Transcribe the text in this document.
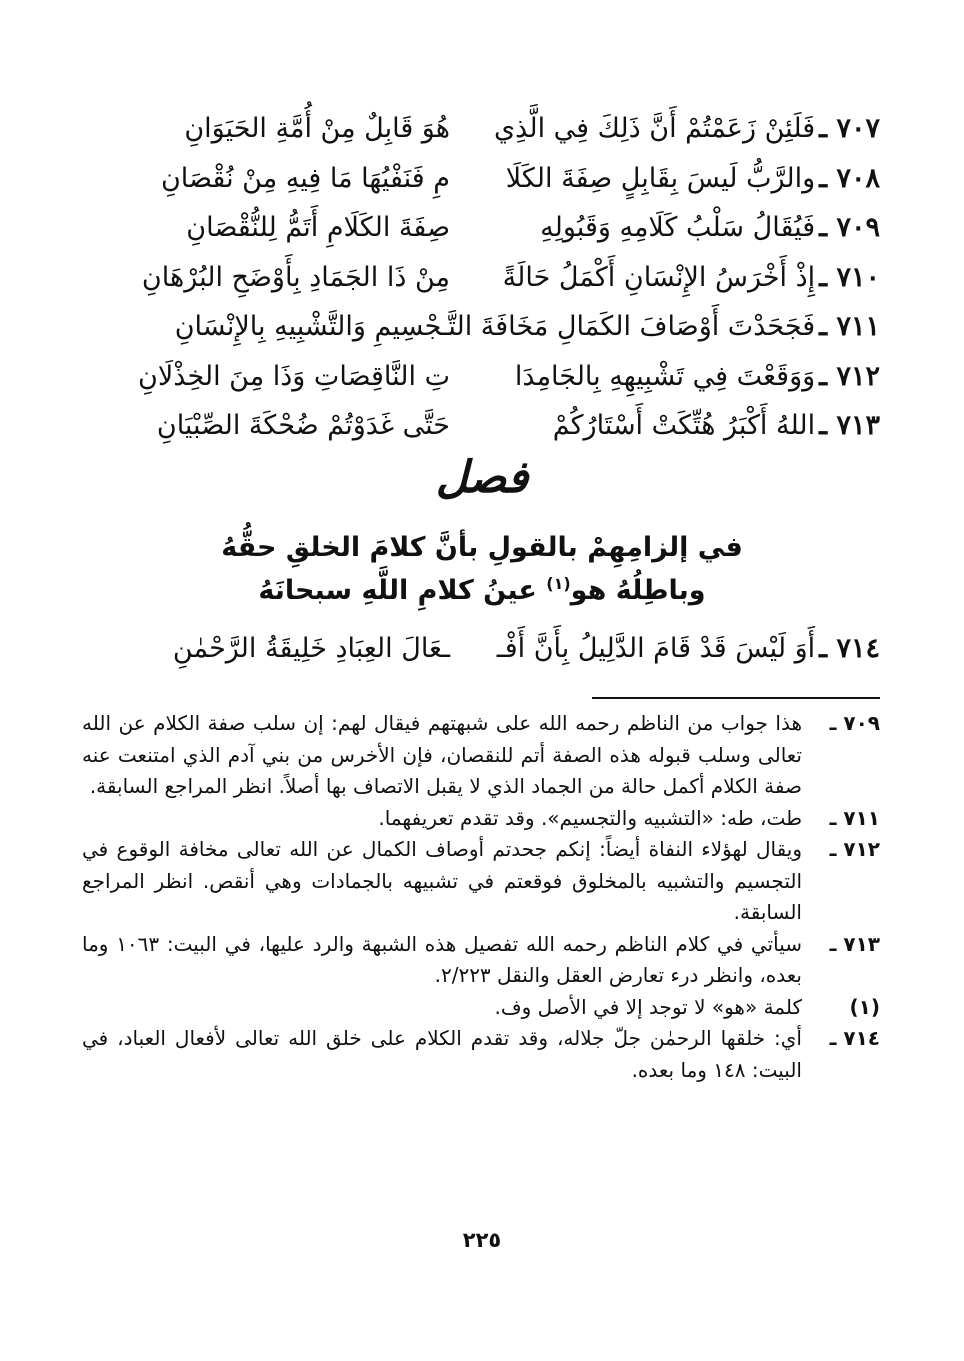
٧٠٧ ـفَلَئِنْ زَعَمْتُمْ أَنَّ ذَلِكَ فِي الَّذِي
هُوَ قَابِلٌ مِنْ أُمَّةِ الحَيَوَانِ
٧٠٨ ـوالرَّبُّ لَيسَ بِقَابِلٍ صِفَةَ الكَلَا
مِ فَنَفْيُهَا مَا فِيهِ مِنْ نُقْصَانِ
٧٠٩ ـفَيُقَالُ سَلْبُ كَلَامِهِ وَقَبُولِهِ
صِفَةَ الكَلَامِ أَتَمُّ لِلنُّقْصَانِ
٧١٠ ـإِذْ أَخْرَسُ الإِنْسَانِ أَكْمَلُ حَالَةً
مِنْ ذَا الجَمَادِ بِأَوْضَحِ البُرْهَانِ
٧١١ ـفَجَحَدْتَ أَوْصَافَ الكَمَالِ مَخَافَةَ التَّـ
ـجْسِيمِ وَالتَّشْبِيهِ بِالإِنْسَانِ
٧١٢ ـوَوَقَعْتَ فِي تَشْبِيهِهِ بِالجَامِدَا
تِ النَّاقِصَاتِ وَذَا مِنَ الخِذْلَانِ
٧١٣ ـاللهُ أَكْبَرُ هُتِّكَتْ أَسْتَارُكُمْ
حَتَّى غَدَوْتُمْ ضُحْكَةَ الصِّبْيَانِ
فصل
في إلزامِهِمْ بالقولِ بأنَّ كلامَ الخلقِ حقُّهُ
وباطِلُهُ هو$^{(١)}$ عينُ كلامِ اللَّهِ سبحانَهُ
٧١٤ ـأَوَ لَيْسَ قَدْ قَامَ الدَّلِيلُ بِأَنَّ أَفْـ
ـعَالَ العِبَادِ خَلِيقَةُ الرَّحْمٰنِ
٧٠٩ ـ
هذا جواب من الناظم رحمه الله على شبهتهم فيقال لهم: إن سلب صفة الكلام عن الله تعالى وسلب قبوله هذه الصفة أتم للنقصان، فإن الأخرس من بني آدم الذي امتنعت عنه صفة الكلام أكمل حالة من الجماد الذي لا يقبل الاتصاف بها أصلاً. انظر المراجع السابقة.
٧١١ ـ
طت، طه: «التشبيه والتجسيم». وقد تقدم تعريفهما.
٧١٢ ـ
ويقال لهؤلاء النفاة أيضاً: إنكم جحدتم أوصاف الكمال عن الله تعالى مخافة الوقوع في التجسيم والتشبيه بالمخلوق فوقعتم في تشبيهه بالجمادات وهي أنقص. انظر المراجع السابقة.
٧١٣ ـ
سيأتي في كلام الناظم رحمه الله تفصيل هذه الشبهة والرد عليها، في البيت: ١٠٦٣ وما بعده، وانظر درء تعارض العقل والنقل ٢/٢٢٣.
(١)
كلمة «هو» لا توجد إلا في الأصل وف.
٧١٤ ـ
أي: خلقها الرحمٰن جلّ جلاله، وقد تقدم الكلام على خلق الله تعالى لأفعال العباد، في البيت: ١٤٨ وما بعده.
٢٢٥
